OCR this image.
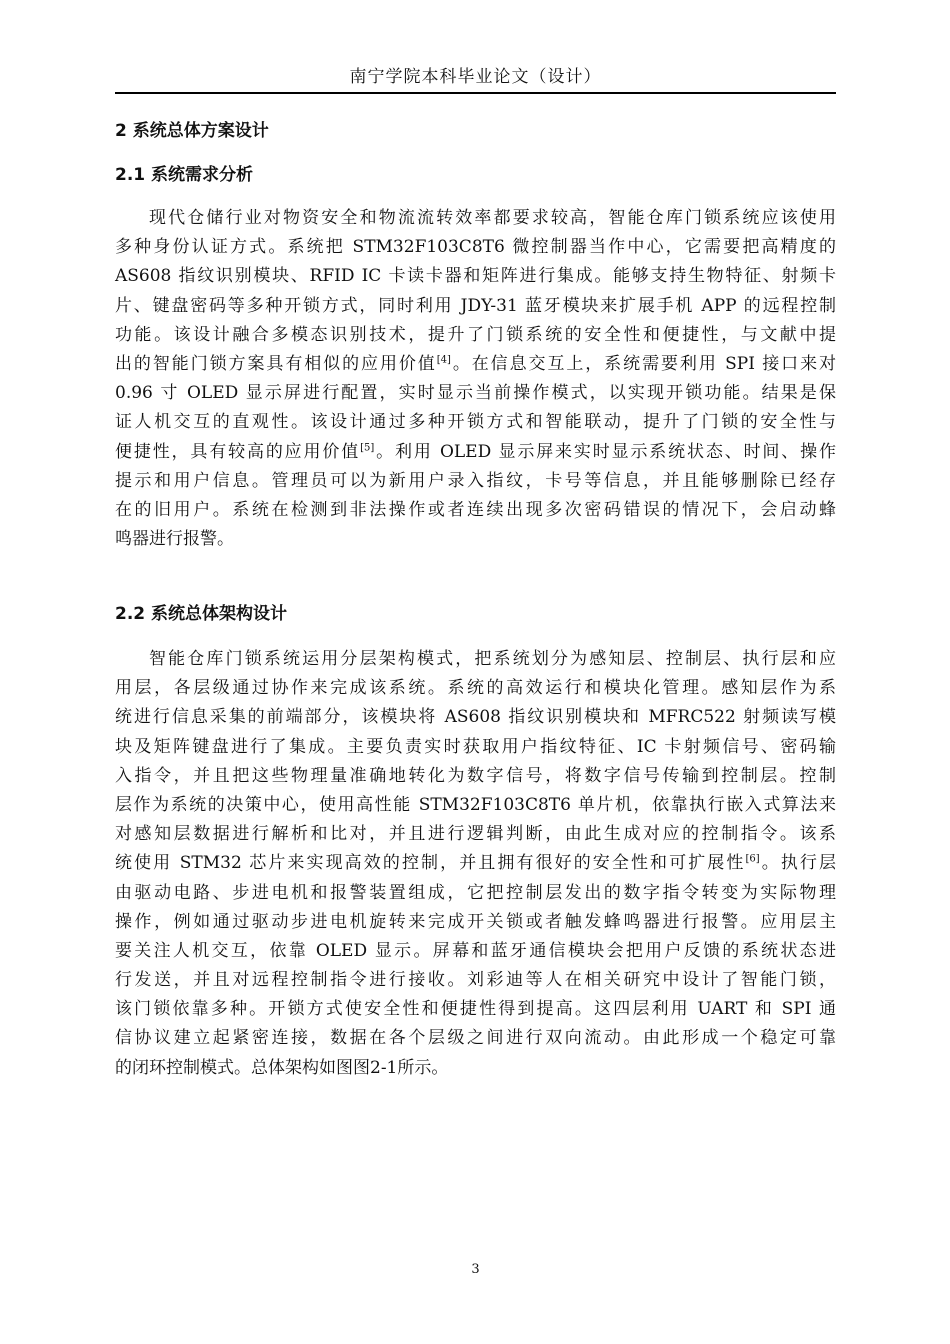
南宁学院本科毕业论文（设计）
2 系统总体方案设计
2.1 系统需求分析
现代仓储行业对物资安全和物流流转效率都要求较高，智能仓库门锁系统应该使用
多种身份认证方式。系统把 STM32F103C8T6 微控制器当作中心，它需要把高精度的
AS608 指纹识别模块、RFID IC 卡读卡器和矩阵进行集成。能够支持生物特征、射频卡
片、键盘密码等多种开锁方式，同时利用 JDY-31 蓝牙模块来扩展手机 APP 的远程控制
功能。该设计融合多模态识别技术，提升了门锁系统的安全性和便捷性，与文献中提
出的智能门锁方案具有相似的应用价值[4]。在信息交互上，系统需要利用 SPI 接口来对
0.96 寸 OLED 显示屏进行配置，实时显示当前操作模式，以实现开锁功能。结果是保
证人机交互的直观性。该设计通过多种开锁方式和智能联动，提升了门锁的安全性与
便捷性，具有较高的应用价值[5]。利用 OLED 显示屏来实时显示系统状态、时间、操作
提示和用户信息。管理员可以为新用户录入指纹，卡号等信息，并且能够删除已经存
在的旧用户。系统在检测到非法操作或者连续出现多次密码错误的情况下，会启动蜂
鸣器进行报警。
2.2 系统总体架构设计
智能仓库门锁系统运用分层架构模式，把系统划分为感知层、控制层、执行层和应
用层，各层级通过协作来完成该系统。系统的高效运行和模块化管理。感知层作为系
统进行信息采集的前端部分，该模块将 AS608 指纹识别模块和 MFRC522 射频读写模
块及矩阵键盘进行了集成。主要负责实时获取用户指纹特征、IC 卡射频信号、密码输
入指令，并且把这些物理量准确地转化为数字信号，将数字信号传输到控制层。控制
层作为系统的决策中心，使用高性能 STM32F103C8T6 单片机，依靠执行嵌入式算法来
对感知层数据进行解析和比对，并且进行逻辑判断，由此生成对应的控制指令。该系
统使用 STM32 芯片来实现高效的控制，并且拥有很好的安全性和可扩展性[6]。执行层
由驱动电路、步进电机和报警装置组成，它把控制层发出的数字指令转变为实际物理
操作，例如通过驱动步进电机旋转来完成开关锁或者触发蜂鸣器进行报警。应用层主
要关注人机交互，依靠 OLED 显示。屏幕和蓝牙通信模块会把用户反馈的系统状态进
行发送，并且对远程控制指令进行接收。刘彩迪等人在相关研究中设计了智能门锁，
该门锁依靠多种。开锁方式使安全性和便捷性得到提高。这四层利用 UART 和 SPI 通
信协议建立起紧密连接，数据在各个层级之间进行双向流动。由此形成一个稳定可靠
的闭环控制模式。总体架构如图图2-1所示。
3
